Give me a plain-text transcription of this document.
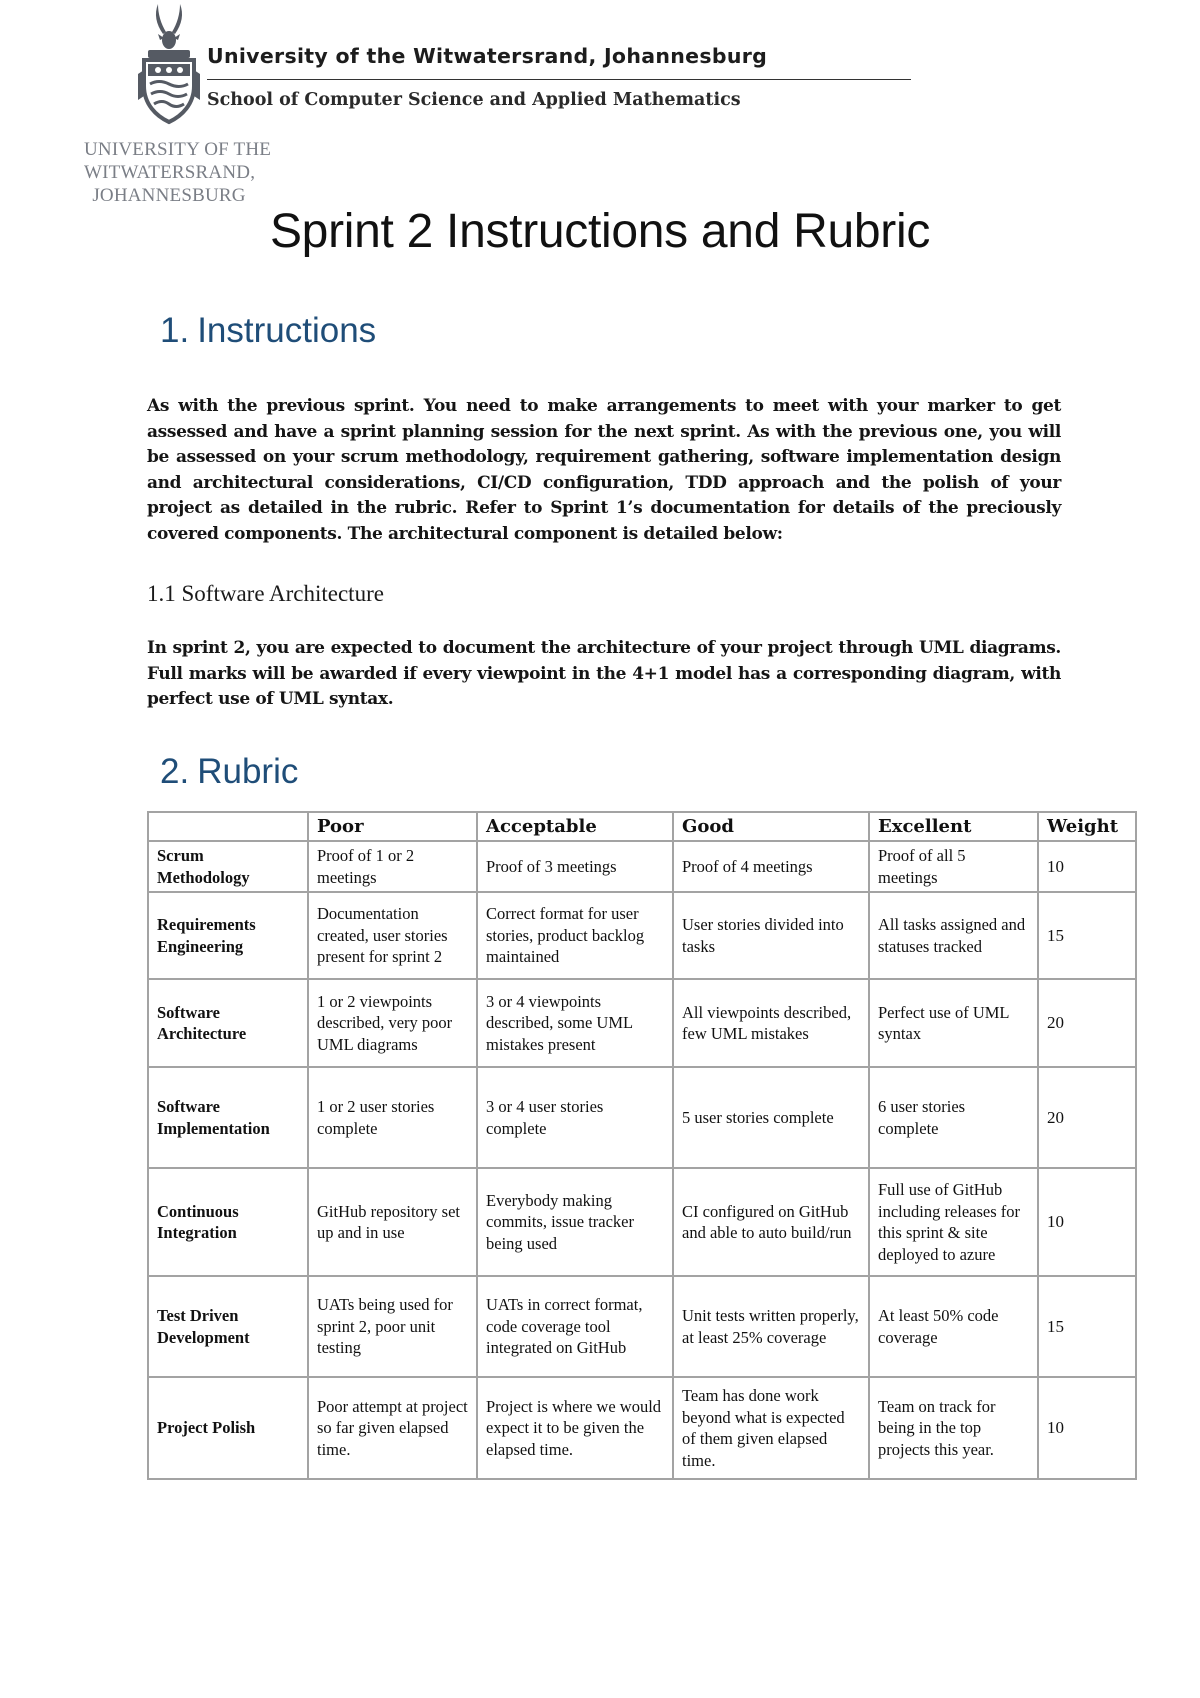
UNIVERSITY OF THE
WITWATERSRAND,
JOHANNESBURG
University of the Witwatersrand, Johannesburg
School of Computer Science and Applied Mathematics
Sprint 2 Instructions and Rubric
1. Instructions
As with the previous sprint. You need to make arrangements to meet with your marker to get assessed and have a sprint planning session for the next sprint. As with the previous one, you will be assessed on your scrum methodology, requirement gathering, software implementation design and architectural considerations, CI/CD configuration, TDD approach and the polish of your project as detailed in the rubric. Refer to Sprint 1’s documentation for details of the preciously covered components. The architectural component is detailed below:
1.1 Software Architecture
In sprint 2, you are expected to document the architecture of your project through UML diagrams. Full marks will be awarded if every viewpoint in the 4+1 model has a corresponding diagram, with perfect use of UML syntax.
2. Rubric
	Poor	Acceptable	Good	Excellent	Weight
Scrum Methodology	Proof of 1 or 2 meetings	Proof of 3 meetings	Proof of 4 meetings	Proof of all 5 meetings	10
Requirements Engineering	Documentation created, user stories present for sprint 2	Correct format for user stories, product backlog maintained	User stories divided into tasks	All tasks assigned and statuses tracked	15
Software Architecture	1 or 2 viewpoints described, very poor UML diagrams	3 or 4 viewpoints described, some UML mistakes present	All viewpoints described, few UML mistakes	Perfect use of UML syntax	20
Software Implementation	1 or 2 user stories complete	3 or 4 user stories complete	5 user stories complete	6 user stories complete	20
Continuous Integration	GitHub repository set up and in use	Everybody making commits, issue tracker being used	CI configured on GitHub and able to auto build/run	Full use of GitHub including releases for this sprint & site deployed to azure	10
Test Driven Development	UATs being used for sprint 2, poor unit testing	UATs in correct format, code coverage tool integrated on GitHub	Unit tests written properly, at least 25% coverage	At least 50% code coverage	15
Project Polish	Poor attempt at project so far given elapsed time.	Project is where we would expect it to be given the elapsed time.	Team has done work beyond what is expected of them given elapsed time.	Team on track for being in the top projects this year.	10
